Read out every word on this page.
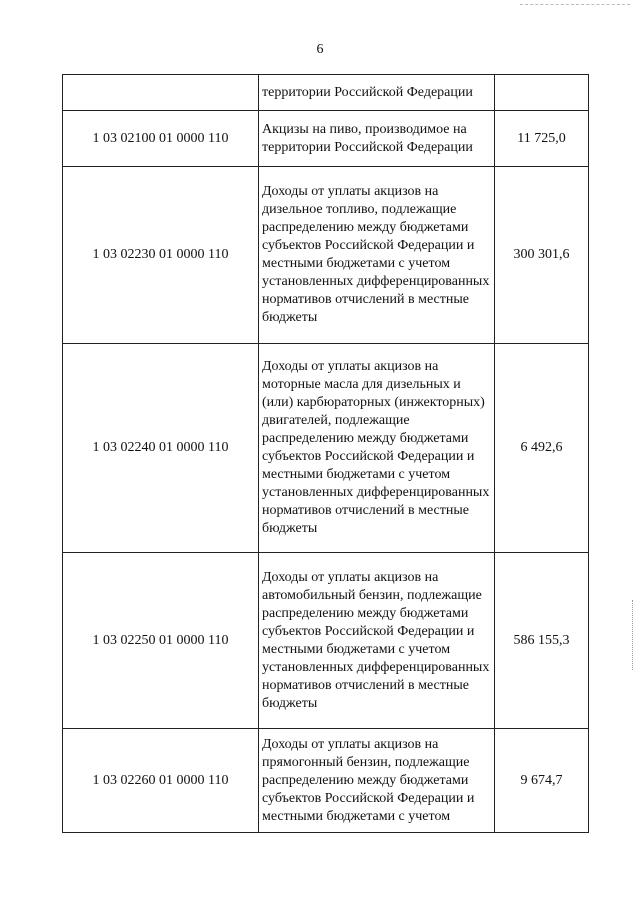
6

	территории Российской Федерации	

1 03 02100 01 0000 110	Акцизы на пиво, производимое на территории Российской Федерации	11 725,0
1 03 02230 01 0000 110	Доходы от уплаты акцизов на дизельное топливо, подлежащие распределению между бюджетами субъектов Российской Федерации и местными бюджетами с учетом установленных дифференцированных нормативов отчислений в местные бюджеты	300 301,6
1 03 02240 01 0000 110	Доходы от уплаты акцизов на моторные масла для дизельных и (или) карбюраторных (инжекторных) двигателей, подлежащие распределению между бюджетами субъектов Российской Федерации и местными бюджетами с учетом установленных дифференцированных нормативов отчислений в местные бюджеты	6 492,6
1 03 02250 01 0000 110	Доходы от уплаты акцизов на автомобильный бензин, подлежащие распределению между бюджетами субъектов Российской Федерации и местными бюджетами с учетом установленных дифференцированных нормативов отчислений в местные бюджеты	586 155,3
1 03 02260 01 0000 110	Доходы от уплаты акцизов на прямогонный бензин, подлежащие распределению между бюджетами субъектов Российской Федерации и местными бюджетами с учетом	9 674,7
